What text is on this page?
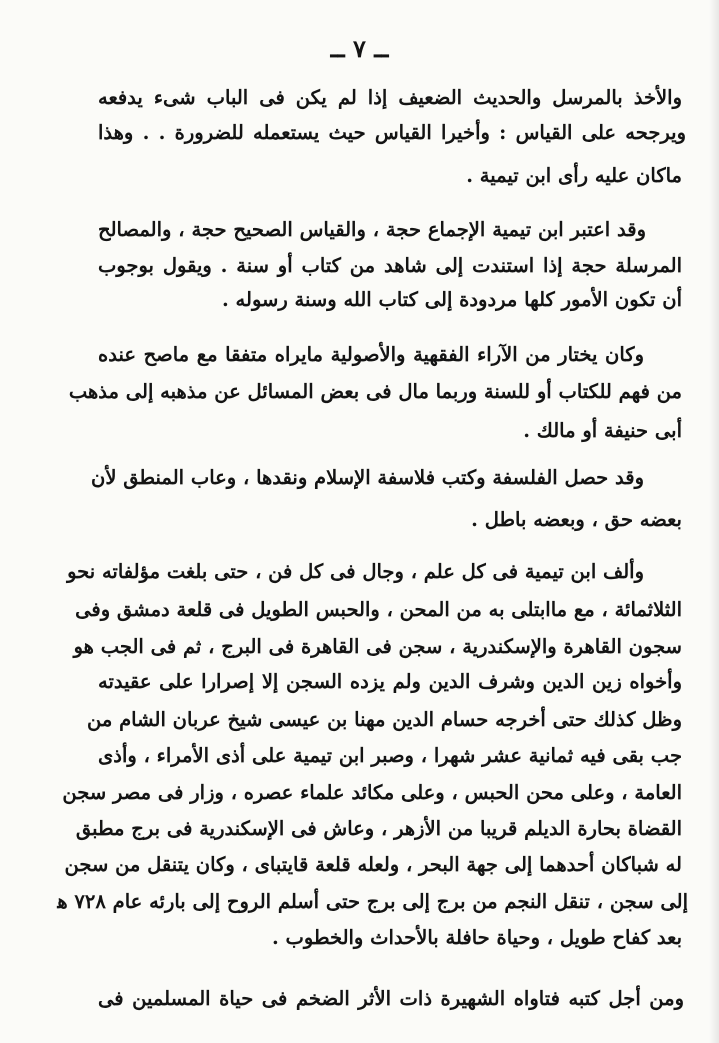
ــ ٧ ــ
والأخذ بالمرسل والحديث الضعيف إذا لم يكن فى الباب شىء يدفعه
ويرجحه على القياس : وأخيرا القياس حيث يستعمله للضرورة . . وهذا
ماكان عليه رأى ابن تيمية .
وقد اعتبر ابن تيمية الإجماع حجة ، والقياس الصحيح حجة ، والمصالح
المرسلة حجة إذا استندت إلى شاهد من كتاب أو سنة . ويقول بوجوب
أن تكون الأمور كلها مردودة إلى كتاب الله وسنة رسوله .
وكان يختار من الآراء الفقهية والأصولية مايراه متفقا مع ماصح عنده
من فهم للكتاب أو للسنة وربما مال فى بعض المسائل عن مذهبه إلى مذهب
أبى حنيفة أو مالك .
وقد حصل الفلسفة وكتب فلاسفة الإسلام ونقدها ، وعاب المنطق لأن
بعضه حق ، وبعضه باطل .
وألف ابن تيمية فى كل علم ، وجال فى كل فن ، حتى بلغت مؤلفاته نحو
الثلاثمائة ، مع ماابتلى به من المحن ، والحبس الطويل فى قلعة دمشق وفى
سجون القاهرة والإسكندرية ، سجن فى القاهرة فى البرج ، ثم فى الجب هو
وأخواه زين الدين وشرف الدين ولم يزده السجن إلا إصرارا على عقيدته
وظل كذلك حتى أخرجه حسام الدين مهنا بن عيسى شيخ عربان الشام من
جب بقى فيه ثمانية عشر شهرا ، وصبر ابن تيمية على أذى الأمراء ، وأذى
العامة ، وعلى محن الحبس ، وعلى مكائد علماء عصره ، وزار فى مصر سجن
القضاة بحارة الديلم قريبا من الأزهر ، وعاش فى الإسكندرية فى برج مطبق
له شباكان أحدهما إلى جهة البحر ، ولعله قلعة قايتباى ، وكان يتنقل من سجن
إلى سجن ، تنقل النجم من برج إلى برج حتى أسلم الروح إلى بارئه عام ٧٢٨ ﻫ
بعد كفاح طويل ، وحياة حافلة بالأحداث والخطوب .
ومن أجل كتبه فتاواه الشهيرة ذات الأثر الضخم فى حياة المسلمين فى
